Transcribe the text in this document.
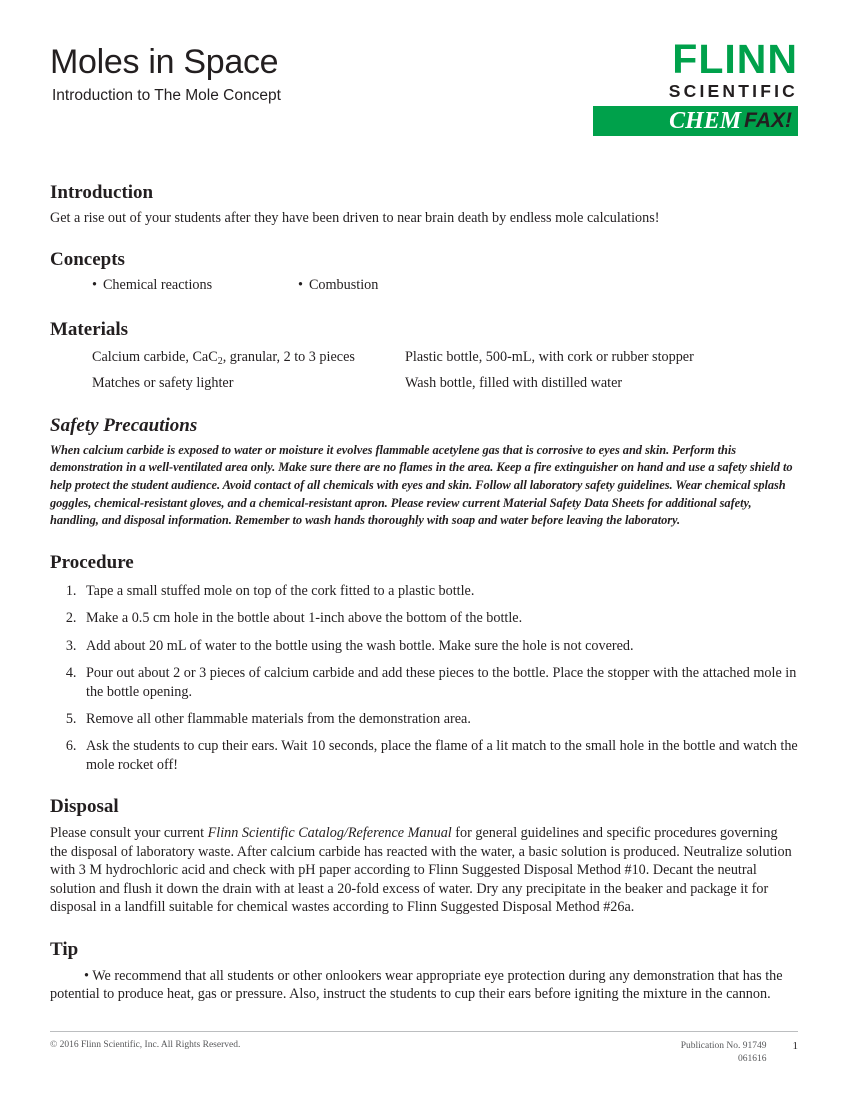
Moles in Space
Introduction to The Mole Concept
FLINN
SCIENTIFIC
CHEM FAX!
Introduction

Get a rise out of your students after they have been driven to near brain death by endless mole calculations!

Concepts
• Chemical reactions	• Combustion
Materials
Calcium carbide, CaC$_2$, granular, 2 to 3 pieces	Plastic bottle, 500-mL, with cork or rubber stopper
Matches or safety lighter	Wash bottle, filled with distilled water
Safety Precautions

When calcium carbide is exposed to water or moisture it evolves flammable acetylene gas that is corrosive to eyes and skin. Perform this demonstration in a well-ventilated area only. Make sure there are no flames in the area. Keep a fire extinguisher on hand and use a safety shield to help protect the student audience. Avoid contact of all chemicals with eyes and skin. Follow all laboratory safety guidelines. Wear chemical splash goggles, chemical-resistant gloves, and a chemical-resistant apron. Please review current Material Safety Data Sheets for additional safety, handling, and disposal information. Remember to wash hands thoroughly with soap and water before leaving the laboratory.

Procedure
1. Tape a small stuffed mole on top of the cork fitted to a plastic bottle.
2. Make a 0.5 cm hole in the bottle about 1-inch above the bottom of the bottle.
3. Add about 20 mL of water to the bottle using the wash bottle. Make sure the hole is not covered.
4. Pour out about 2 or 3 pieces of calcium carbide and add these pieces to the bottle. Place the stopper with the attached mole in the bottle opening.
5. Remove all other flammable materials from the demonstration area.
6. Ask the students to cup their ears. Wait 10 seconds, place the flame of a lit match to the small hole in the bottle and watch the mole rocket off!
Disposal

Please consult your current Flinn Scientific Catalog/Reference Manual for general guidelines and specific procedures governing the disposal of laboratory waste. After calcium carbide has reacted with the water, a basic solution is produced. Neutralize solution with 3 M hydrochloric acid and check with pH paper according to Flinn Suggested Disposal Method #10. Decant the neutral solution and flush it down the drain with at least a 20-fold excess of water. Dry any precipitate in the beaker and package it for disposal in a landfill suitable for chemical wastes according to Flinn Suggested Disposal Method #26a.

Tip

• We recommend that all students or other onlookers wear appropriate eye protection during any demonstration that has the potential to produce heat, gas or pressure. Also, instruct the students to cup their ears before igniting the mixture in the cannon.

© 2016 Flinn Scientific, Inc. All Rights Reserved.	Publication No. 91749
061616
1
